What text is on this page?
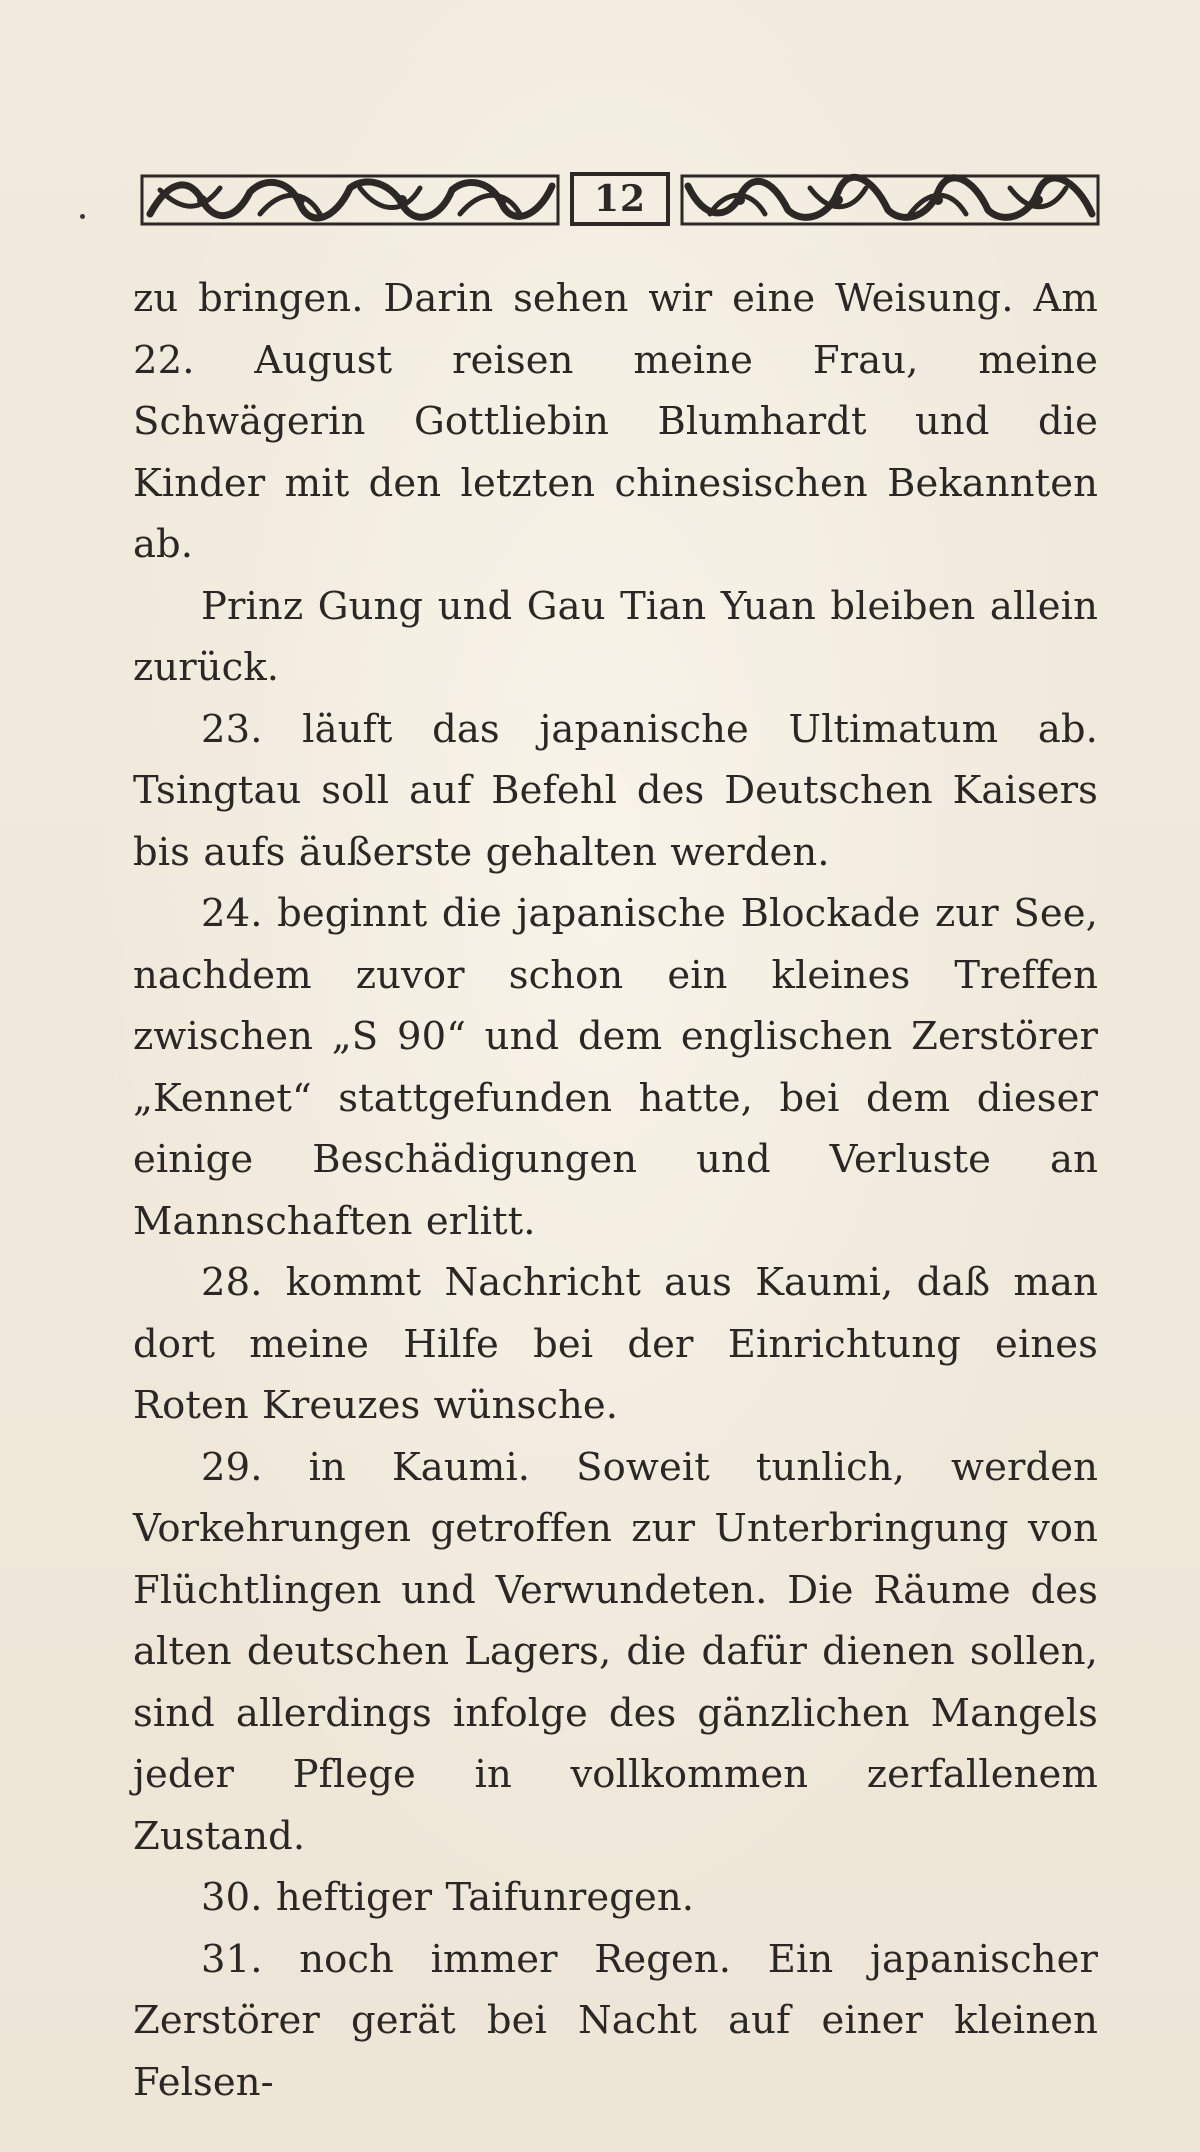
12

zu bringen. Darin sehen wir eine Weisung. Am 22. August reisen meine Frau, meine Schwägerin Gottliebin Blumhardt und die Kinder mit den letzten chinesischen Bekannten ab.

Prinz Gung und Gau Tian Yuan bleiben allein zurück.

23. läuft das japanische Ultimatum ab. Tsingtau soll auf Befehl des Deutschen Kaisers bis aufs äußerste gehalten werden.

24. beginnt die japanische Blockade zur See, nachdem zuvor schon ein kleines Treffen zwischen „S 90“ und dem englischen Zerstörer „Kennet“ stattgefunden hatte, bei dem dieser einige Beschädigungen und Verluste an Mannschaften erlitt.

28. kommt Nachricht aus Kaumi, daß man dort meine Hilfe bei der Einrichtung eines Roten Kreuzes wünsche.

29. in Kaumi. Soweit tunlich, werden Vorkehrungen getroffen zur Unterbringung von Flüchtlingen und Verwundeten. Die Räume des alten deutschen Lagers, die dafür dienen sollen, sind allerdings infolge des gänzlichen Mangels jeder Pflege in vollkommen zerfallenem Zustand.

30. heftiger Taifunregen.

31. noch immer Regen. Ein japanischer Zerstörer gerät bei Nacht auf einer kleinen Felsen-
